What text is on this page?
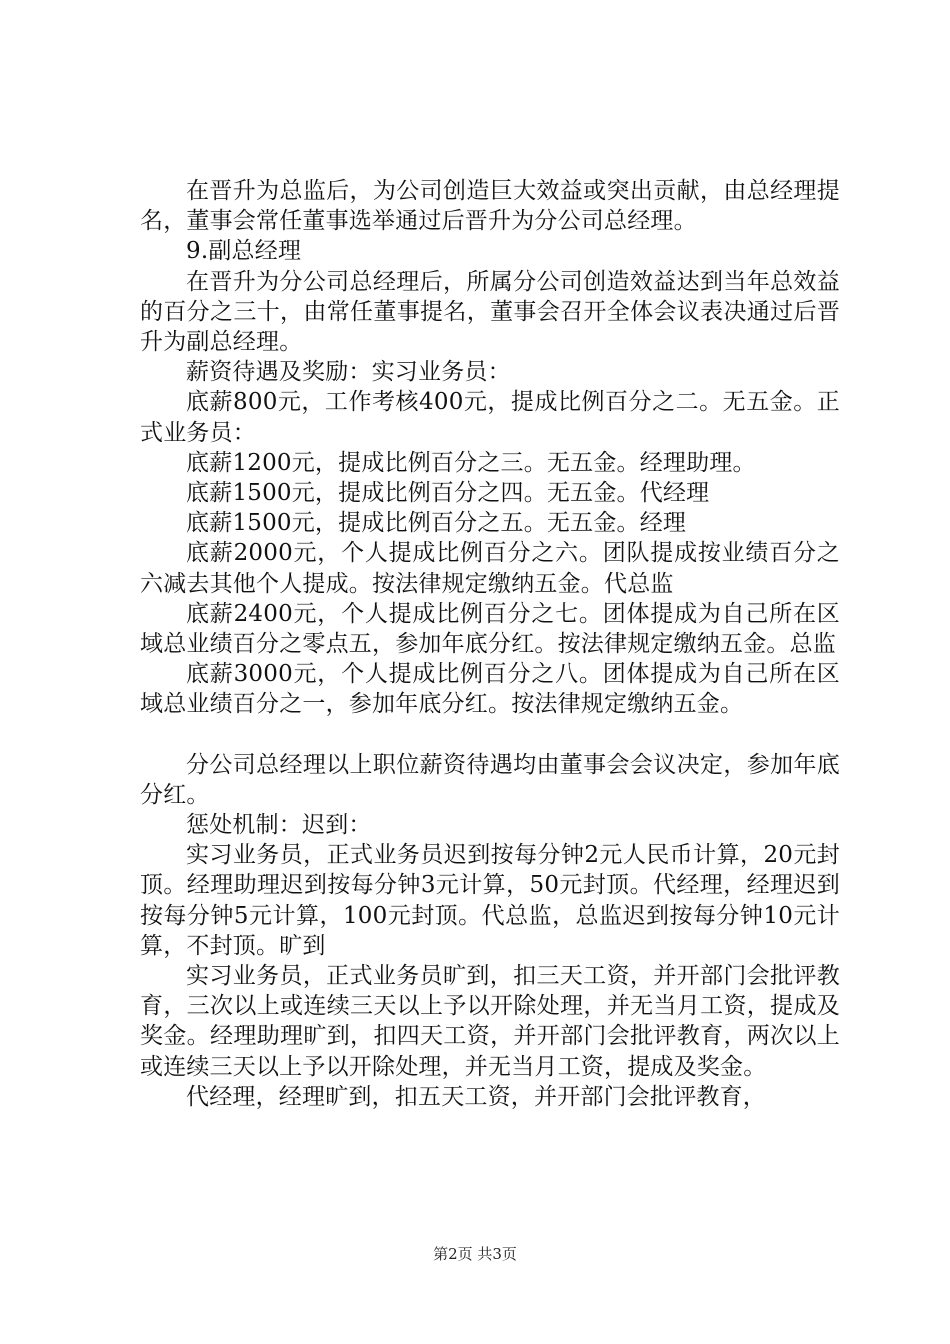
在晋升为总监后，为公司创造巨大效益或突出贡献，由总经理提名，董事会常任董事选举通过后晋升为分公司总经理。

9.副总经理

在晋升为分公司总经理后，所属分公司创造效益达到当年总效益的百分之三十，由常任董事提名，董事会召开全体会议表决通过后晋升为副总经理。

薪资待遇及奖励：实习业务员：

底薪800元，工作考核400元，提成比例百分之二。无五金。正式业务员：

底薪1200元，提成比例百分之三。无五金。经理助理。

底薪1500元，提成比例百分之四。无五金。代经理

底薪1500元，提成比例百分之五。无五金。经理

底薪2000元，个人提成比例百分之六。团队提成按业绩百分之六减去其他个人提成。按法律规定缴纳五金。代总监

底薪2400元，个人提成比例百分之七。团体提成为自己所在区域总业绩百分之零点五，参加年底分红。按法律规定缴纳五金。总监

底薪3000元，个人提成比例百分之八。团体提成为自己所在区域总业绩百分之一，参加年底分红。按法律规定缴纳五金。

分公司总经理以上职位薪资待遇均由董事会会议决定，参加年底分红。

惩处机制：迟到：

实习业务员，正式业务员迟到按每分钟2元人民币计算，20元封顶。经理助理迟到按每分钟3元计算，50元封顶。代经理，经理迟到按每分钟5元计算，100元封顶。代总监，总监迟到按每分钟10元计算，不封顶。旷到

实习业务员，正式业务员旷到，扣三天工资，并开部门会批评教育，三次以上或连续三天以上予以开除处理，并无当月工资，提成及奖金。经理助理旷到，扣四天工资，并开部门会批评教育，两次以上或连续三天以上予以开除处理，并无当月工资，提成及奖金。

代经理，经理旷到，扣五天工资，并开部门会批评教育，

第2页 共3页
